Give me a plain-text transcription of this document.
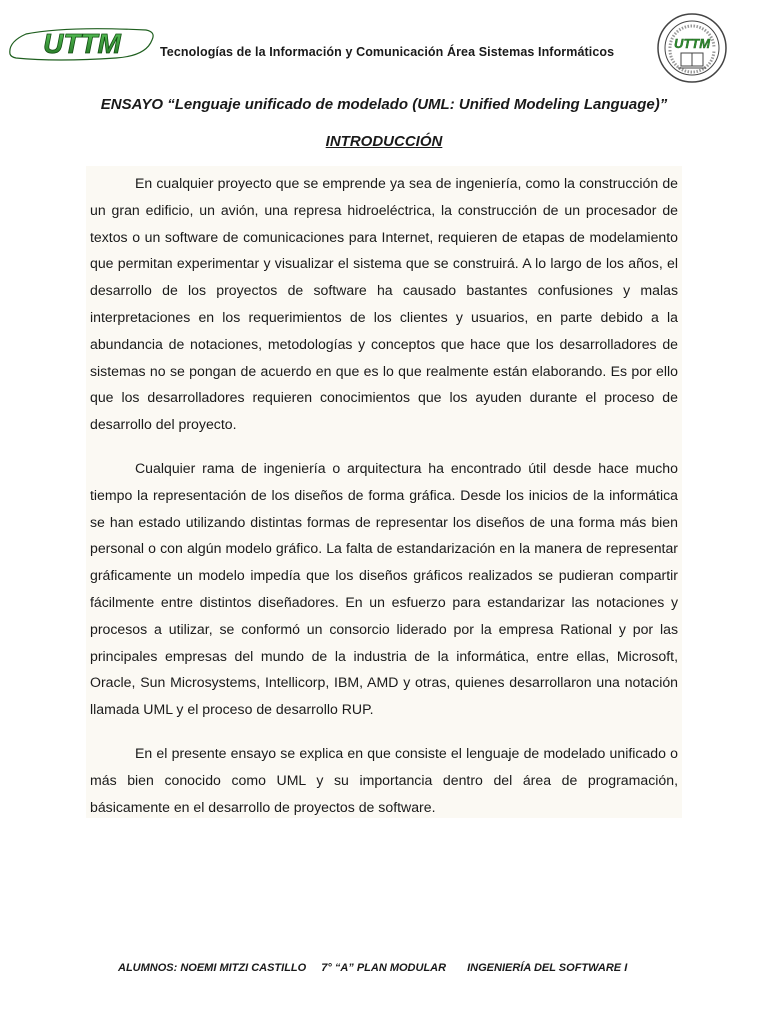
UTTM	Tecnologías de la Información y Comunicación Área Sistemas Informáticos
UTTM
ENSAYO “Lenguaje unificado de modelado (UML: Unified Modeling Language)”
INTRODUCCIÓN

En cualquier proyecto que se emprende ya sea de ingeniería, como la construcción de un gran edificio, un avión, una represa hidroeléctrica, la construcción de un procesador de textos o un software de comunicaciones para Internet, requieren de etapas de modelamiento que permitan experimentar y visualizar el sistema que se construirá. A lo largo de los años, el desarrollo de los proyectos de software ha causado bastantes confusiones y malas interpretaciones en los requerimientos de los clientes y usuarios, en parte debido a la abundancia de notaciones, metodologías y conceptos que hace que los desarrolladores de sistemas no se pongan de acuerdo en que es lo que realmente están elaborando. Es por ello que los desarrolladores requieren conocimientos que los ayuden durante el proceso de desarrollo del proyecto.

Cualquier rama de ingeniería o arquitectura ha encontrado útil desde hace mucho tiempo la representación de los diseños de forma gráfica. Desde los inicios de la informática se han estado utilizando distintas formas de representar los diseños de una forma más bien personal o con algún modelo gráfico. La falta de estandarización en la manera de representar gráficamente un modelo impedía que los diseños gráficos realizados se pudieran compartir fácilmente entre distintos diseñadores. En un esfuerzo para estandarizar las notaciones y procesos a utilizar, se conformó un consorcio liderado por la empresa Rational y por las principales empresas del mundo de la industria de la informática, entre ellas, Microsoft, Oracle, Sun Microsystems, Intellicorp, IBM, AMD y otras, quienes desarrollaron una notación llamada UML y el proceso de desarrollo RUP.

En el presente ensayo se explica en que consiste el lenguaje de modelado unificado o más bien conocido como UML y su importancia dentro del área de programación, básicamente en el desarrollo de proyectos de software.

ALUMNOS: NOEMI MITZI CASTILLO 7° “A” PLAN MODULAR INGENIERÍA DEL SOFTWARE I
